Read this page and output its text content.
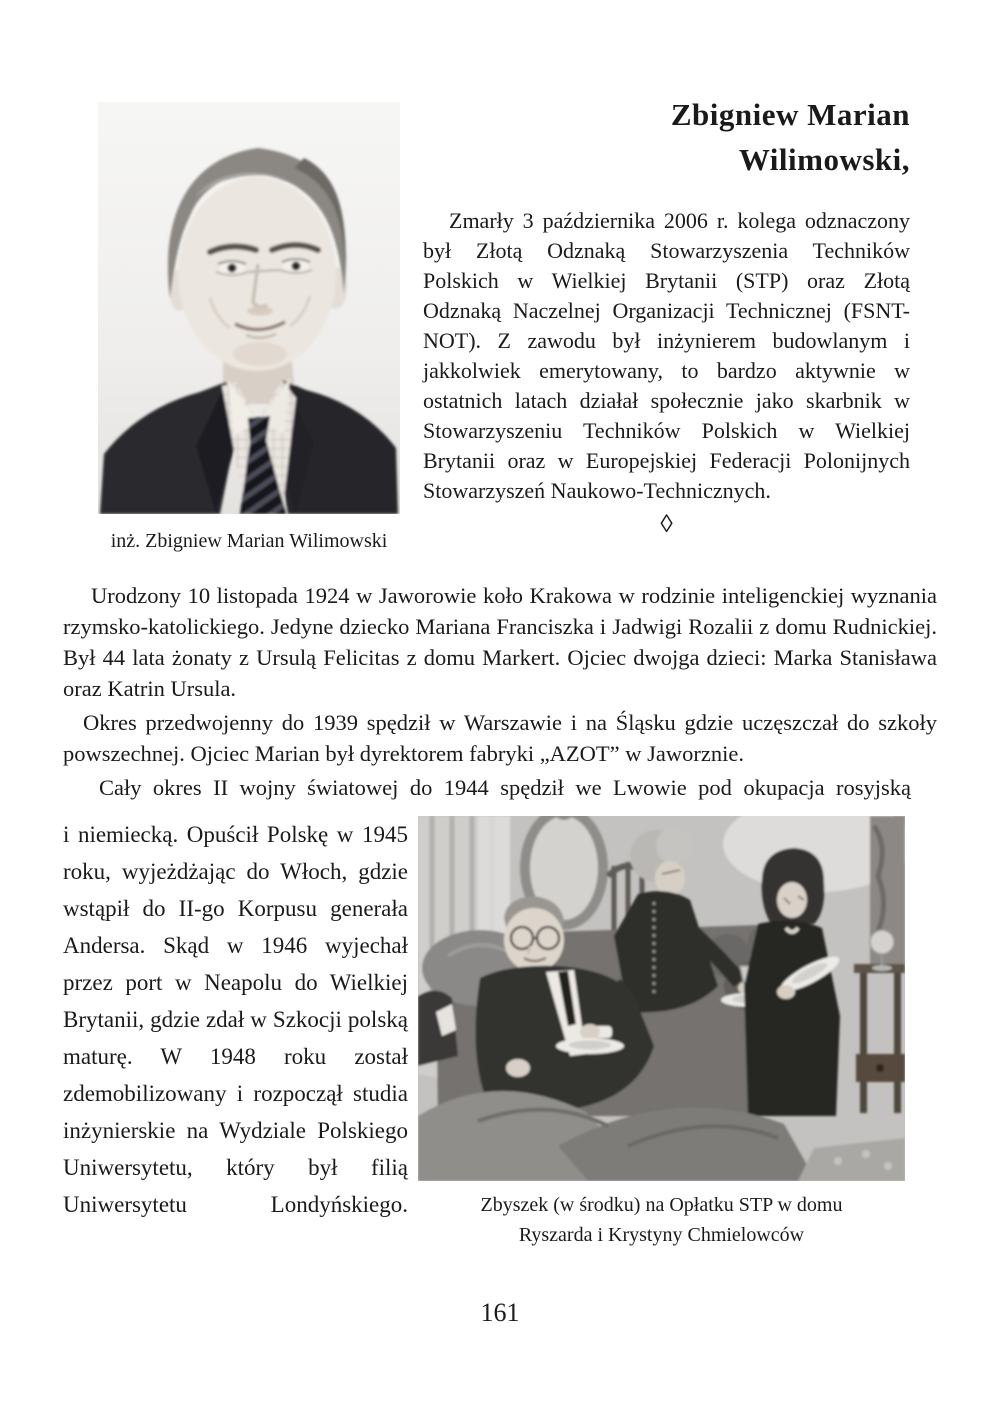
inż. Zbigniew Marian Wilimowski
Zbigniew Marian
Wilimowski,

Zmarły 3 października 2006 r. kolega odznaczony był Złotą Odznaką Stowarzyszenia Techników Polskich w Wielkiej Brytanii (STP) oraz Złotą Odznaką Naczelnej Organizacji Technicznej (FSNT-NOT). Z zawodu był inżynierem budowlanym i jakkolwiek emerytowany, to bardzo aktywnie w ostatnich latach działał społecznie jako skarbnik w Stowarzyszeniu Techników Polskich w Wielkiej Brytanii oraz w Europejskiej Federacji Polonijnych Stowarzyszeń Naukowo-Technicznych.

◊

Urodzony 10 listopada 1924 w Jaworowie koło Krakowa w rodzinie inteligenckiej wyznania rzymsko-katolickiego. Jedyne dziecko Mariana Franciszka i Jadwigi Rozalii z domu Rudnickiej. Był 44 lata żonaty z Ursulą Felicitas z domu Markert. Ojciec dwojga dzieci: Marka Stanisława oraz Katrin Ursula.

Okres przedwojenny do 1939 spędził w Warszawie i na Śląsku gdzie uczęszczał do szkoły powszechnej. Ojciec Marian był dyrektorem fabryki „AZOT” w Jaworznie.

Cały okres II wojny światowej do 1944 spędził we Lwowie pod okupacja rosyjską

i niemiecką. Opuścił Polskę w 1945 roku, wyjeżdżając do Włoch, gdzie wstąpił do II-go Korpusu generała Andersa. Skąd w 1946 wyjechał przez port w Neapolu do Wielkiej Brytanii, gdzie zdał w Szkocji polską maturę. W 1948 roku został zdemobilizowany i rozpoczął studia inżynierskie na Wydziale Polskiego Uniwersytetu, który był filią Uniwersytetu Londyńskiego.	Zbyszek (w środku) na Opłatku STP w domu
Ryszarda i Krystyny Chmielowców
161
